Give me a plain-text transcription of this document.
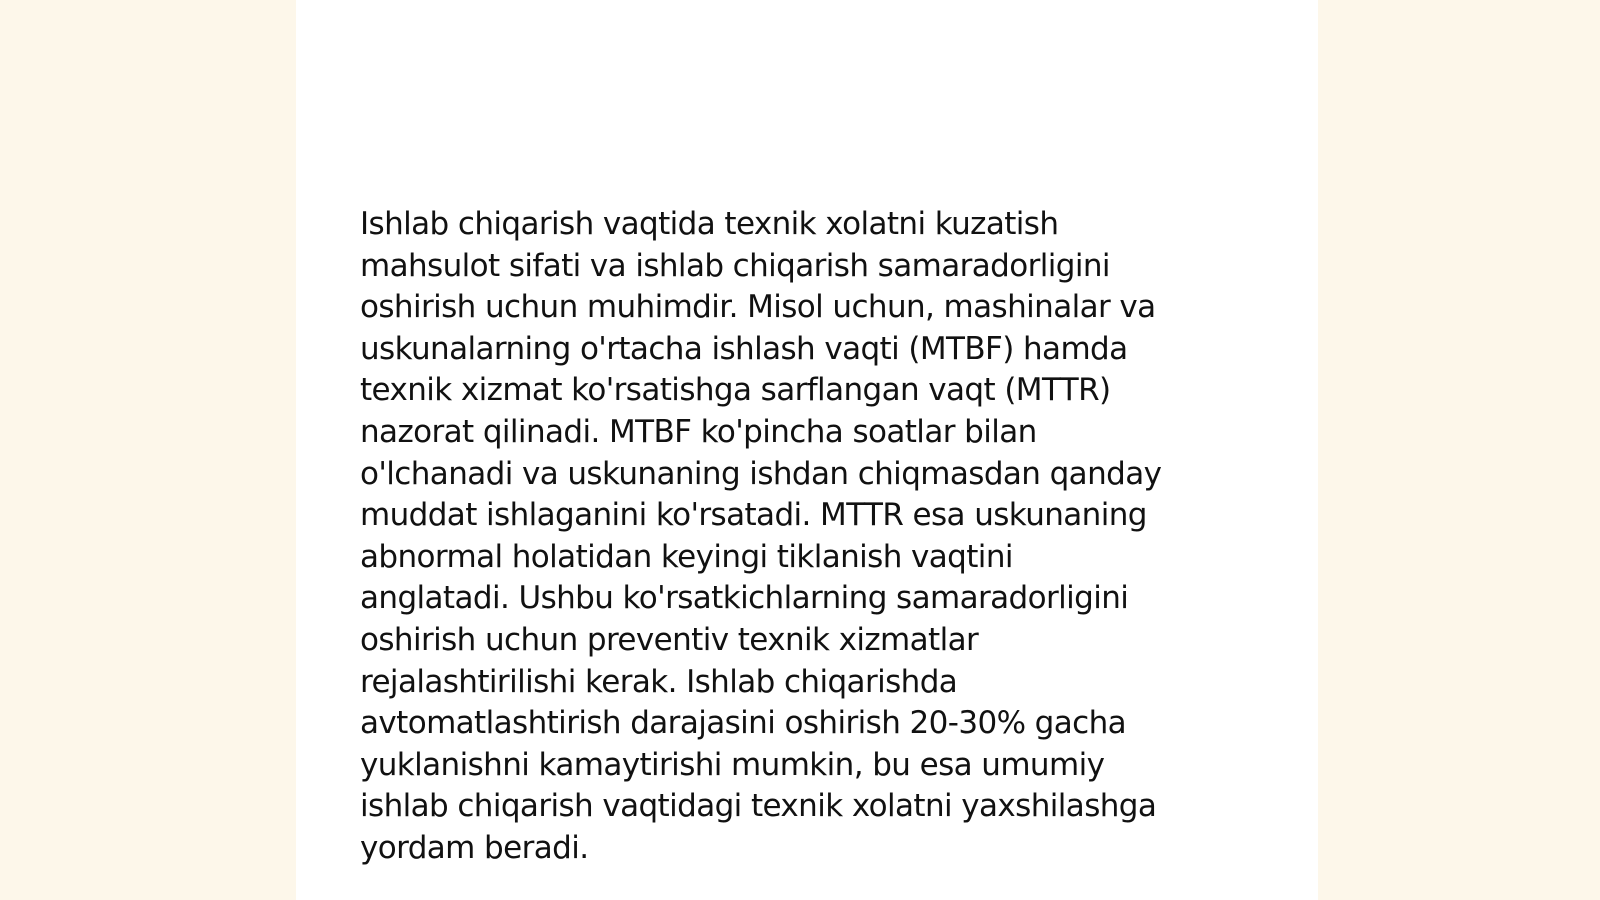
Ishlab chiqarish vaqtida texnik xolatni kuzatish
mahsulot sifati va ishlab chiqarish samaradorligini
oshirish uchun muhimdir. Misol uchun, mashinalar va
uskunalarning o'rtacha ishlash vaqti (MTBF) hamda
texnik xizmat ko'rsatishga sarflangan vaqt (MTTR)
nazorat qilinadi. MTBF ko'pincha soatlar bilan
o'lchanadi va uskunaning ishdan chiqmasdan qanday
muddat ishlaganini ko'rsatadi. MTTR esa uskunaning
abnormal holatidan keyingi tiklanish vaqtini
anglatadi. Ushbu ko'rsatkichlarning samaradorligini
oshirish uchun preventiv texnik xizmatlar
rejalashtirilishi kerak. Ishlab chiqarishda
avtomatlashtirish darajasini oshirish 20-30% gacha
yuklanishni kamaytirishi mumkin, bu esa umumiy
ishlab chiqarish vaqtidagi texnik xolatni yaxshilashga
yordam beradi.
